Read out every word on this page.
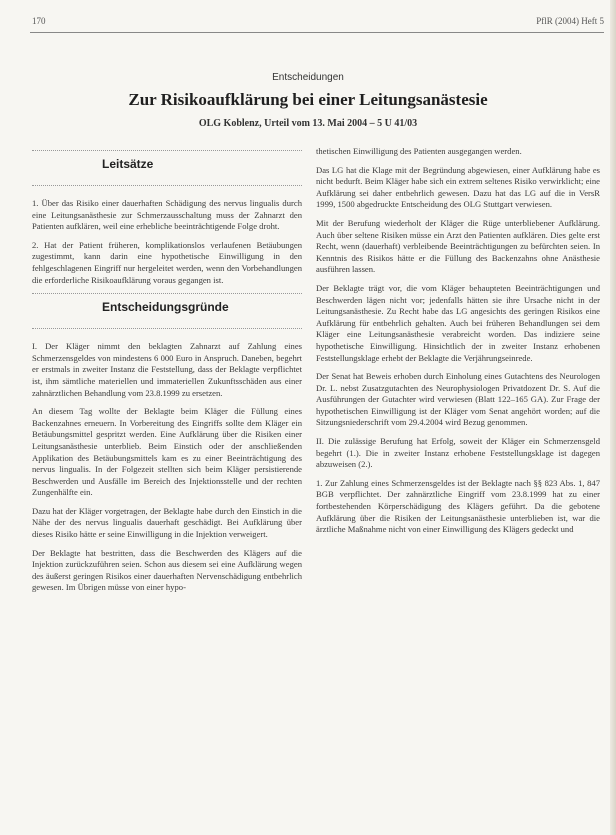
170	PflR (2004) Heft 5
Entscheidungen
Zur Risikoaufklärung bei einer Leitungsanästesie
OLG Koblenz, Urteil vom 13. Mai 2004 – 5 U 41/03
Leitsätze

1. Über das Risiko einer dauerhaften Schädigung des nervus lingualis durch eine Leitungsanästhesie zur Schmerzausschaltung muss der Zahnarzt den Patienten aufklären, weil eine erhebliche beeinträchtigende Folge droht.

2. Hat der Patient früheren, komplikationslos verlaufenen Betäubungen zugestimmt, kann darin eine hypothetische Einwilligung in den fehlgeschlagenen Eingriff nur hergeleitet werden, wenn den Vorbehandlungen die erforderliche Risikoaufklärung voraus gegangen ist.

Entscheidungsgründe

I. Der Kläger nimmt den beklagten Zahnarzt auf Zahlung eines Schmerzensgeldes von mindestens 6 000 Euro in Anspruch. Daneben, begehrt er erstmals in zweiter Instanz die Feststellung, dass der Beklagte verpflichtet ist, ihm sämtliche materiellen und immateriellen Zukunftsschäden aus einer zahnärztlichen Behandlung vom 23.8.1999 zu ersetzen.

An diesem Tag wollte der Beklagte beim Kläger die Füllung eines Backenzahnes erneuern. In Vorbereitung des Eingriffs sollte dem Kläger ein Betäubungsmittel gespritzt werden. Eine Aufklärung über die Risiken einer Leitungsanästhesie unterblieb. Beim Einstich oder der anschließenden Applikation des Betäubungsmittels kam es zu einer Beeinträchtigung des nervus lingualis. In der Folgezeit stellten sich beim Kläger persistierende Beschwerden und Ausfälle im Bereich des Injektionsstelle und der rechten Zungenhälfte ein.

Dazu hat der Kläger vorgetragen, der Beklagte habe durch den Einstich in die Nähe der des nervus lingualis dauerhaft geschädigt. Bei Aufklärung über dieses Risiko hätte er seine Einwilligung in die Injektion verweigert.

Der Beklagte hat bestritten, dass die Beschwerden des Klägers auf die Injektion zurückzuführen seien. Schon aus diesem sei eine Aufklärung wegen des äußerst geringen Risikos einer dauerhaften Nervenschädigung entbehrlich gewesen. Im Übrigen müsse von einer hypo-

thetischen Einwilligung des Patienten ausgegangen werden.

Das LG hat die Klage mit der Begründung abgewiesen, einer Aufklärung habe es nicht bedurft. Beim Kläger habe sich ein extrem seltenes Risiko verwirklicht; eine Aufklärung sei daher entbehrlich gewesen. Dazu hat das LG auf die in VersR 1999, 1500 abgedruckte Entscheidung des OLG Stuttgart verwiesen.

Mit der Berufung wiederholt der Kläger die Rüge unterbliebener Aufklärung. Auch über seltene Risiken müsse ein Arzt den Patienten aufklären. Dies gelte erst Recht, wenn (dauerhaft) verbleibende Beeinträchtigungen zu befürchten seien. In Kenntnis des Risikos hätte er die Füllung des Backenzahns ohne Anästhesie ausführen lassen.

Der Beklagte trägt vor, die vom Kläger behaupteten Beeinträchtigungen und Beschwerden lägen nicht vor; jedenfalls hätten sie ihre Ursache nicht in der Leitungsanästhesie. Zu Recht habe das LG angesichts des geringen Risikos eine Aufklärung für entbehrlich gehalten. Auch bei früheren Behandlungen sei dem Kläger eine Leitungsanästhesie verabreicht worden. Das indiziere seine hypothetische Einwilligung. Hinsichtlich der in zweiter Instanz erhobenen Feststellungsklage erhebt der Beklagte die Verjährungseinrede.

Der Senat hat Beweis erhoben durch Einholung eines Gutachtens des Neurologen Dr. L. nebst Zusatzgutachten des Neurophysiologen Privatdozent Dr. S. Auf die Ausführungen der Gutachter wird verwiesen (Blatt 122–165 GA). Zur Frage der hypothetischen Einwilligung ist der Kläger vom Senat angehört worden; auf die Sitzungsniederschrift vom 29.4.2004 wird Bezug genommen.

II. Die zulässige Berufung hat Erfolg, soweit der Kläger ein Schmerzensgeld begehrt (1.). Die in zweiter Instanz erhobene Feststellungsklage ist dagegen abzuweisen (2.).

1. Zur Zahlung eines Schmerzensgeldes ist der Beklagte nach §§ 823 Abs. 1, 847 BGB verpflichtet. Der zahnärztliche Eingriff vom 23.8.1999 hat zu einer fortbestehenden Körperschädigung des Klägers geführt. Da die gebotene Aufklärung über die Risiken der Leitungsanästhesie unterblieben ist, war die ärztliche Maßnahme nicht von einer Einwilligung des Klägers gedeckt und
